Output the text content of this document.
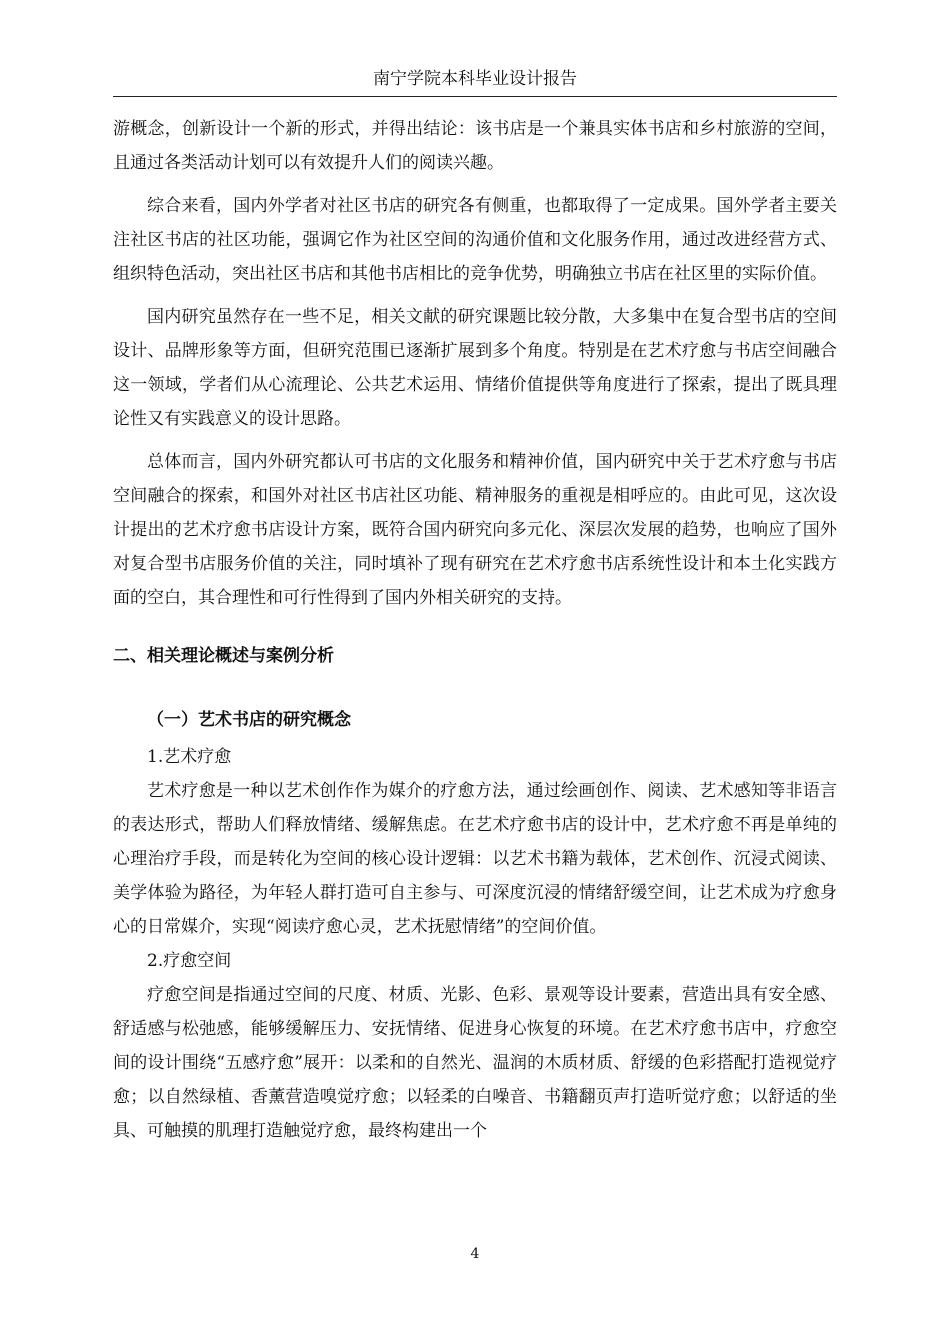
南宁学院本科毕业设计报告

游概念，创新设计一个新的形式，并得出结论：该书店是一个兼具实体书店和乡村旅游的空间，且通过各类活动计划可以有效提升人们的阅读兴趣。

综合来看，国内外学者对社区书店的研究各有侧重，也都取得了一定成果。国外学者主要关注社区书店的社区功能，强调它作为社区空间的沟通价值和文化服务作用，通过改进经营方式、组织特色活动，突出社区书店和其他书店相比的竞争优势，明确独立书店在社区里的实际价值。

国内研究虽然存在一些不足，相关文献的研究课题比较分散，大多集中在复合型书店的空间设计、品牌形象等方面，但研究范围已逐渐扩展到多个角度。特别是在艺术疗愈与书店空间融合这一领域，学者们从心流理论、公共艺术运用、情绪价值提供等角度进行了探索，提出了既具理论性又有实践意义的设计思路。

总体而言，国内外研究都认可书店的文化服务和精神价值，国内研究中关于艺术疗愈与书店空间融合的探索，和国外对社区书店社区功能、精神服务的重视是相呼应的。由此可见，这次设计提出的艺术疗愈书店设计方案，既符合国内研究向多元化、深层次发展的趋势，也响应了国外对复合型书店服务价值的关注，同时填补了现有研究在艺术疗愈书店系统性设计和本土化实践方面的空白，其合理性和可行性得到了国内外相关研究的支持。

二、相关理论概述与案例分析

（一）艺术书店的研究概念

1.艺术疗愈

艺术疗愈是一种以艺术创作作为媒介的疗愈方法，通过绘画创作、阅读、艺术感知等非语言的表达形式，帮助人们释放情绪、缓解焦虑。在艺术疗愈书店的设计中，艺术疗愈不再是单纯的心理治疗手段，而是转化为空间的核心设计逻辑：以艺术书籍为载体，艺术创作、沉浸式阅读、美学体验为路径，为年轻人群打造可自主参与、可深度沉浸的情绪舒缓空间，让艺术成为疗愈身心的日常媒介，实现“阅读疗愈心灵，艺术抚慰情绪”的空间价值。

2.疗愈空间

疗愈空间是指通过空间的尺度、材质、光影、色彩、景观等设计要素，营造出具有安全感、舒适感与松弛感，能够缓解压力、安抚情绪、促进身心恢复的环境。在艺术疗愈书店中，疗愈空间的设计围绕“五感疗愈”展开：以柔和的自然光、温润的木质材质、舒缓的色彩搭配打造视觉疗愈；以自然绿植、香薰营造嗅觉疗愈；以轻柔的白噪音、书籍翻页声打造听觉疗愈；以舒适的坐具、可触摸的肌理打造触觉疗愈，最终构建出一个

4
